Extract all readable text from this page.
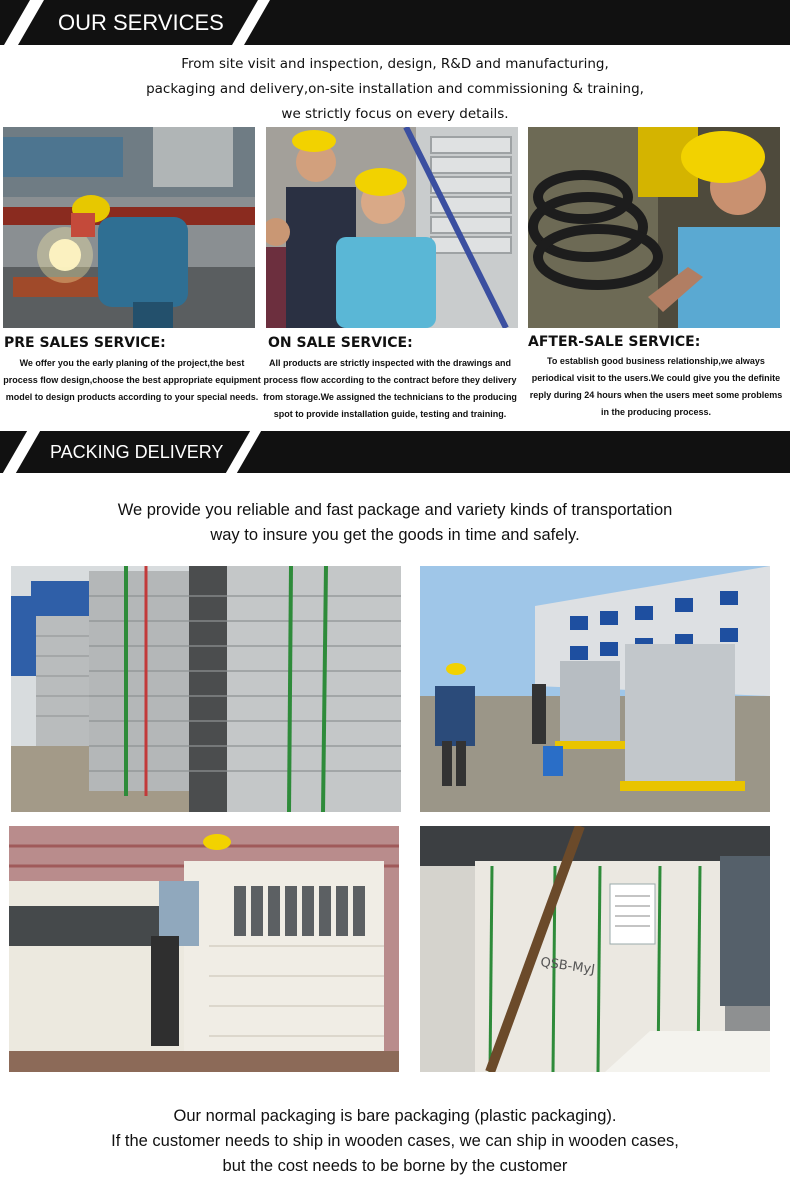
OUR SERVICES
From site visit and inspection, design, R&D and manufacturing,
packaging and delivery,on-site installation and commissioning & training,
we strictly focus on every details.
PRE SALES SERVICE:	ON SALE SERVICE:	AFTER-SALE SERVICE:
We offer you the early planing of the project,the best process flow design,choose the best appropriate equipment model to design products according to your special needs.
All products are strictly inspected with the drawings and process flow according to the contract before they delivery from storage.We assigned the technicians to the producing spot to provide installation guide, testing and training.
To establish good business relationship,we always periodical visit to the users.We could give you the definite reply during 24 hours when the users meet some problems in the producing process.
PACKING DELIVERY
We provide you reliable and fast package and variety kinds of transportation
way to insure you get the goods in time and safely.
QSB-MyJ
Our normal packaging is bare packaging (plastic packaging).
If the customer needs to ship in wooden cases, we can ship in wooden cases,
but the cost needs to be borne by the customer
